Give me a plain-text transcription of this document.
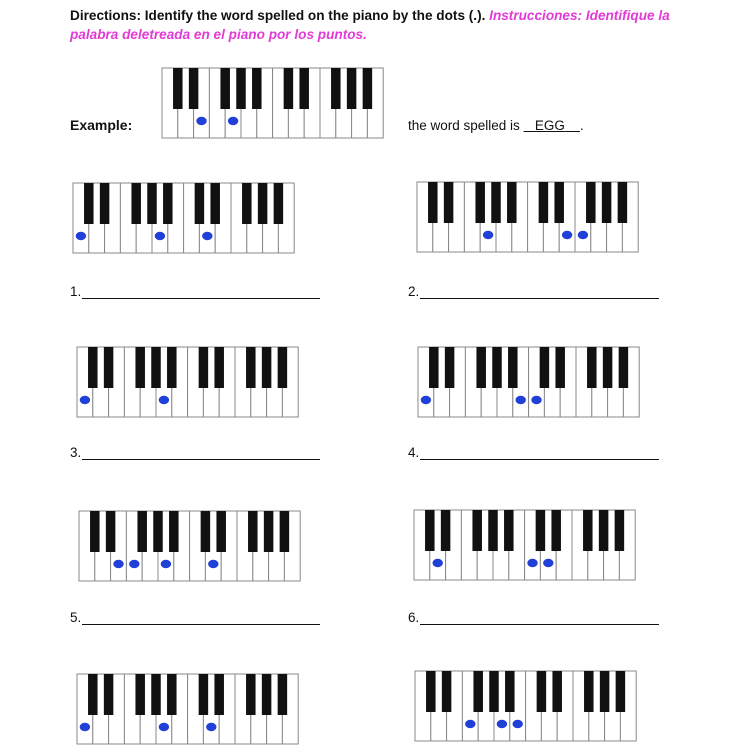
Directions: Identify the word spelled on the piano by the dots (.). Instrucciones: Identifique la palabra deletreada en el piano por los puntos.
Example:	the word spelled is EGG .
1.	2.
3.	4.
5.	6.
